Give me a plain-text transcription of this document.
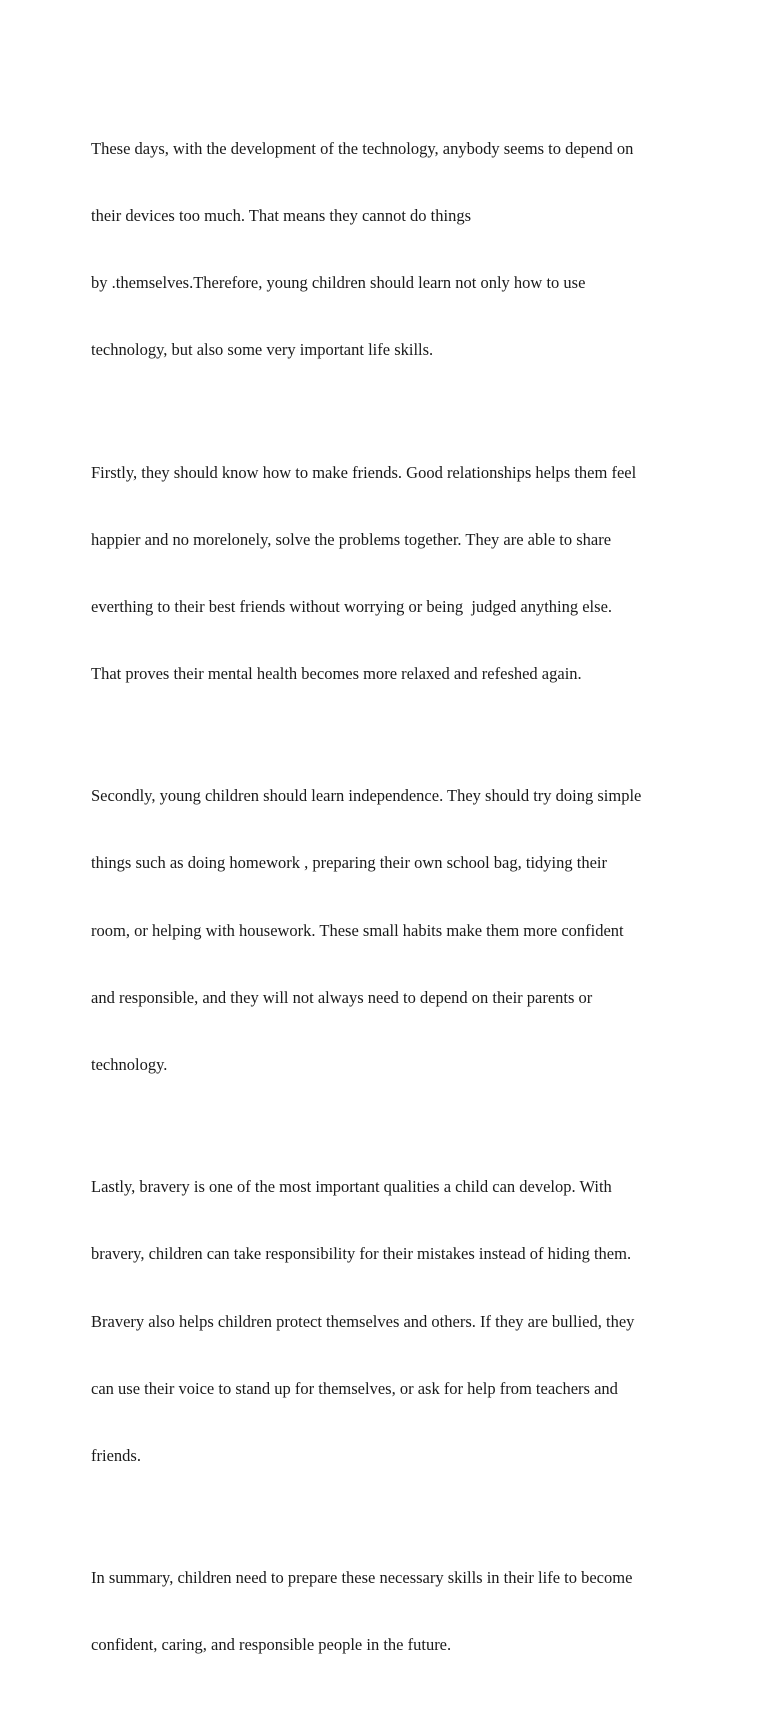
These days, with the development of the technology, anybody seems to depend on

their devices too much. That means they cannot do things

by .themselves.Therefore, young children should learn not only how to use

technology, but also some very important life skills.

Firstly, they should know how to make friends. Good relationships helps them feel

happier and no morelonely, solve the problems together. They are able to share

everthing to their best friends without worrying or being  judged anything else.

That proves their mental health becomes more relaxed and refeshed again.

Secondly, young children should learn independence. They should try doing simple

things such as doing homework , preparing their own school bag, tidying their

room, or helping with housework. These small habits make them more confident

and responsible, and they will not always need to depend on their parents or

technology.

Lastly, bravery is one of the most important qualities a child can develop. With

bravery, children can take responsibility for their mistakes instead of hiding them.

Bravery also helps children protect themselves and others. If they are bullied, they

can use their voice to stand up for themselves, or ask for help from teachers and

friends.

In summary, children need to prepare these necessary skills in their life to become

confident, caring, and responsible people in the future.
